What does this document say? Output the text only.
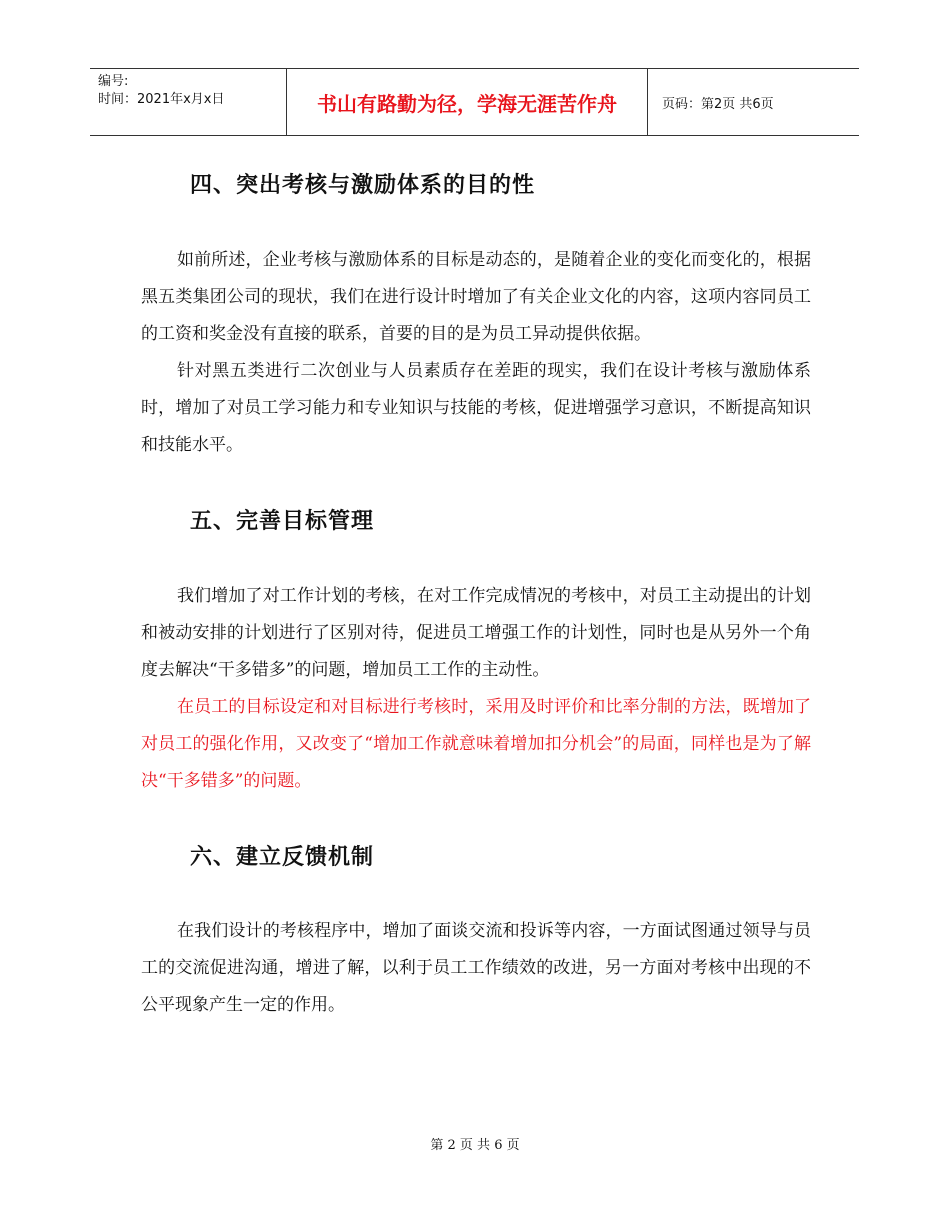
编号:
时间：2021年x月x日	书山有路勤为径，学海无涯苦作舟	页码：第2页 共6页
四、突出考核与激励体系的目的性
如前所述，企业考核与激励体系的目标是动态的，是随着企业的变化而变化的，根据黑五类集团公司的现状，我们在进行设计时增加了有关企业文化的内容，这项内容同员工的工资和奖金没有直接的联系，首要的目的是为员工异动提供依据。
针对黑五类进行二次创业与人员素质存在差距的现实，我们在设计考核与激励体系时，增加了对员工学习能力和专业知识与技能的考核，促进增强学习意识，不断提高知识和技能水平。
五、完善目标管理
我们增加了对工作计划的考核，在对工作完成情况的考核中，对员工主动提出的计划和被动安排的计划进行了区别对待，促进员工增强工作的计划性，同时也是从另外一个角度去解决“干多错多”的问题，增加员工工作的主动性。
在员工的目标设定和对目标进行考核时，采用及时评价和比率分制的方法，既增加了对员工的强化作用，又改变了“增加工作就意味着增加扣分机会”的局面，同样也是为了解决“干多错多”的问题。
六、建立反馈机制
在我们设计的考核程序中，增加了面谈交流和投诉等内容，一方面试图通过领导与员工的交流促进沟通，增进了解，以利于员工工作绩效的改进，另一方面对考核中出现的不公平现象产生一定的作用。
第 2 页 共 6 页
